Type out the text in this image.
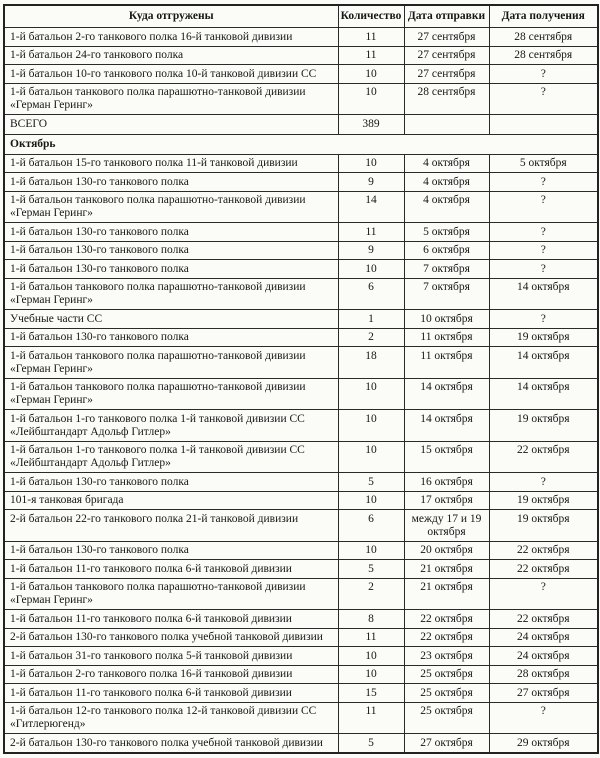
Куда отгружены	Количество	Дата отправки	Дата получения
1-й батальон 2-го танкового полка 16-й танковой дивизии	11	27 сентября	28 сентября
1-й батальон 24-го танкового полка	11	27 сентября	28 сентября
1-й батальон 10-го танкового полка 10-й танковой дивизии СС	10	27 сентября	?
1-й батальон танкового полка парашютно-танковой дивизии «Герман Геринг»	10	28 сентября	?
ВСЕГО	389		
Октябрь			
1-й батальон 15-го танкового полка 11-й танковой дивизии	10	4 октября	5 октября
1-й батальон 130-го танкового полка	9	4 октября	?
1-й батальон танкового полка парашютно-танковой дивизии «Герман Геринг»	14	4 октября	?
1-й батальон 130-го танкового полка	11	5 октября	?
1-й батальон 130-го танкового полка	9	6 октября	?
1-й батальон 130-го танкового полка	10	7 октября	?
1-й батальон танкового полка парашютно-танковой дивизии «Герман Геринг»	6	7 октября	14 октября
Учебные части СС	1	10 октября	?
1-й батальон 130-го танкового полка	2	11 октября	19 октября
1-й батальон танкового полка парашютно-танковой дивизии «Герман Геринг»	18	11 октября	14 октября
1-й батальон танкового полка парашютно-танковой дивизии «Герман Геринг»	10	14 октября	14 октября
1-й батальон 1-го танкового полка 1-й танковой дивизии СС «Лейбштандарт Адольф Гитлер»	10	14 октября	19 октября
1-й батальон 1-го танкового полка 1-й танковой дивизии СС «Лейбштандарт Адольф Гитлер»	10	15 октября	22 октября
1-й батальон 130-го танкового полка	5	16 октября	?
101-я танковая бригада	10	17 октября	19 октября
2-й батальон 22-го танкового полка 21-й танковой дивизии	6	между 17 и 19 октября	19 октября
1-й батальон 130-го танкового полка	10	20 октября	22 октября
1-й батальон 11-го танкового полка 6-й танковой дивизии	5	21 октября	22 октября
1-й батальон танкового полка парашютно-танковой дивизии «Герман Геринг»	2	21 октября	?
1-й батальон 11-го танкового полка 6-й танковой дивизии	8	22 октября	22 октября
2-й батальон 130-го танкового полка учебной танковой дивизии	11	22 октября	24 октября
1-й батальон 31-го танкового полка 5-й танковой дивизии	10	23 октября	24 октября
1-й батальон 2-го танкового полка 16-й танковой дивизии	10	25 октября	28 октября
1-й батальон 11-го танкового полка 6-й танковой дивизии	15	25 октября	27 октября
1-й батальон 12-го танкового полка 12-й танковой дивизии СС «Гитлерюгенд»	11	25 октября	?
2-й батальон 130-го танкового полка учебной танковой дивизии	5	27 октября	29 октября
